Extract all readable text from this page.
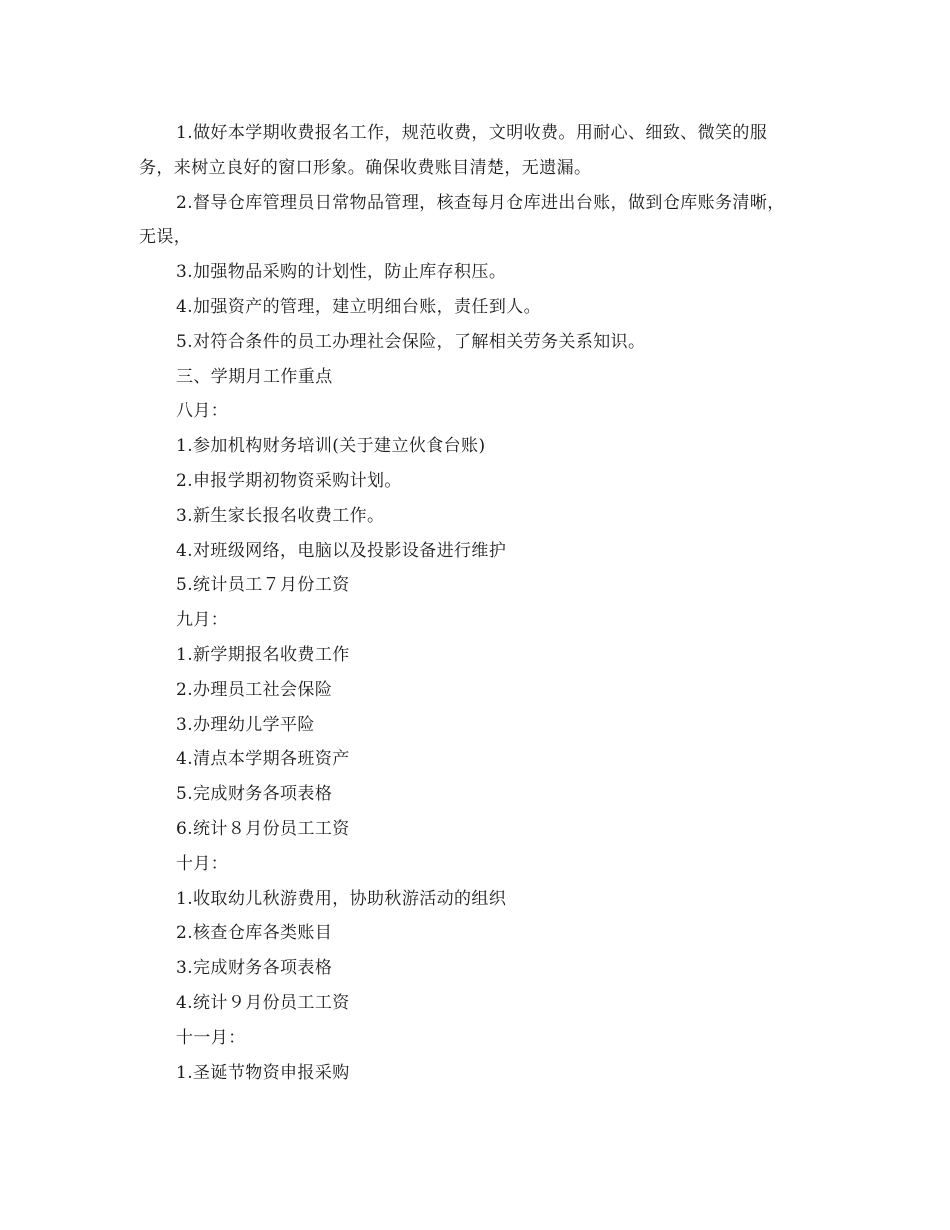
1.做好本学期收费报名工作，规范收费，文明收费。用耐心、细致、微笑的服
务，来树立良好的窗口形象。确保收费账目清楚，无遗漏。
2.督导仓库管理员日常物品管理，核查每月仓库进出台账，做到仓库账务清晰，
无误，
3.加强物品采购的计划性，防止库存积压。
4.加强资产的管理，建立明细台账，责任到人。
5.对符合条件的员工办理社会保险，了解相关劳务关系知识。
三、学期月工作重点
八月：
1.参加机构财务培训(关于建立伙食台账)
2.申报学期初物资采购计划。
3.新生家长报名收费工作。
4.对班级网络，电脑以及投影设备进行维护
5.统计员工７月份工资
九月：
1.新学期报名收费工作
2.办理员工社会保险
3.办理幼儿学平险
4.清点本学期各班资产
5.完成财务各项表格
6.统计８月份员工工资
十月：
1.收取幼儿秋游费用，协助秋游活动的组织
2.核查仓库各类账目
3.完成财务各项表格
4.统计９月份员工工资
十一月：
1.圣诞节物资申报采购
